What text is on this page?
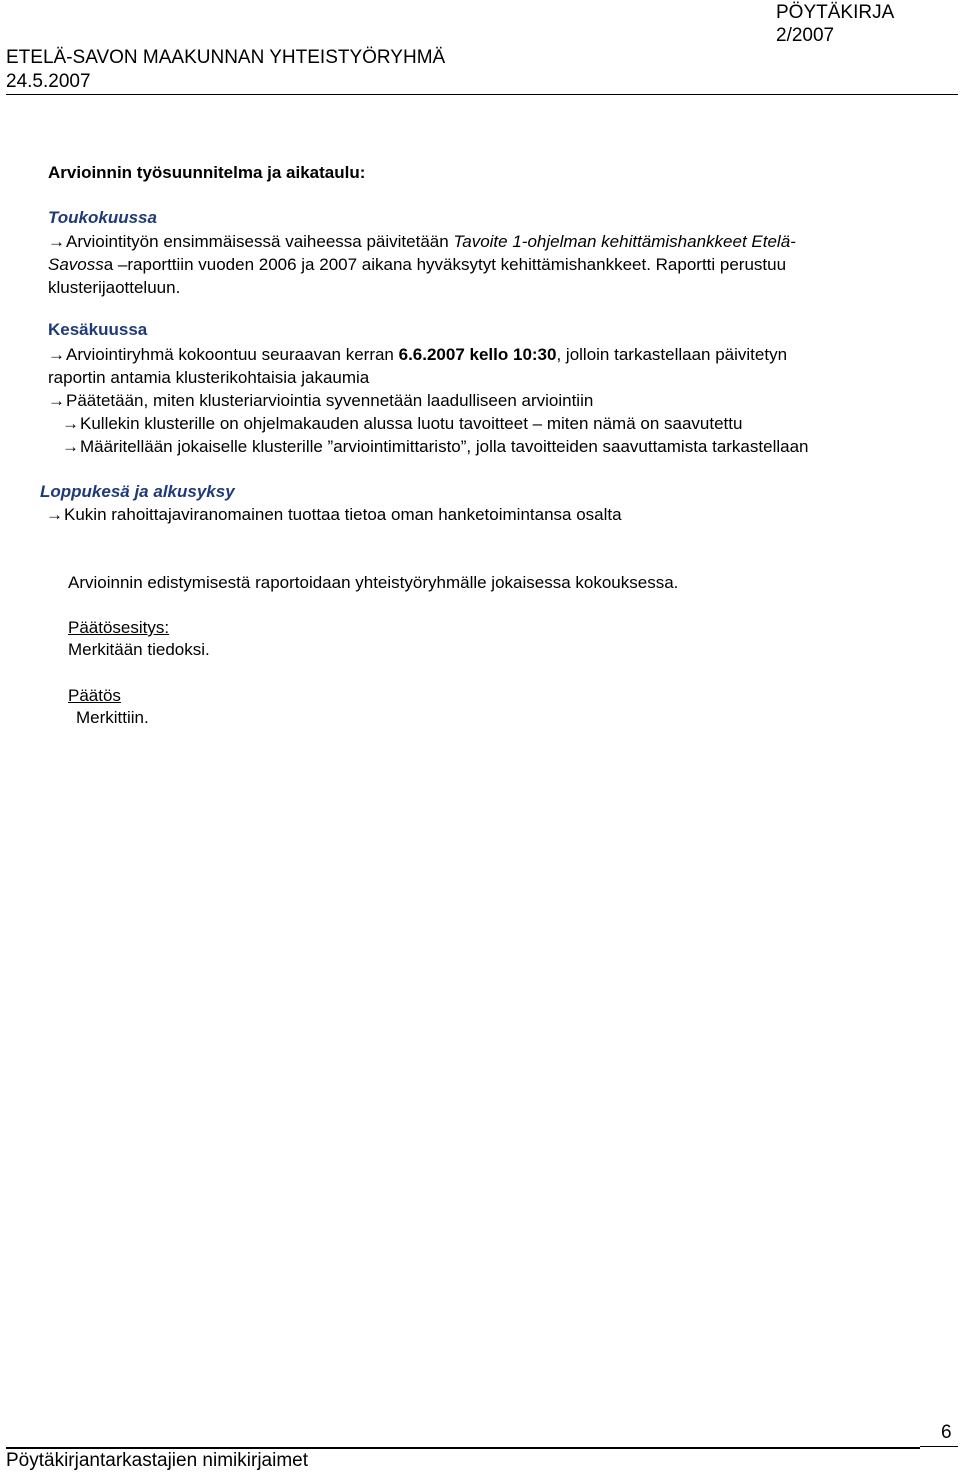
PÖYTÄKIRJA
2/2007
ETELÄ-SAVON MAAKUNNAN YHTEISTYÖRYHMÄ
24.5.2007
Arvioinnin työsuunnitelma ja aikataulu:
Toukokuussa
→Arviointityön ensimmäisessä vaiheessa päivitetään Tavoite 1-ohjelman kehittämishankkeet Etelä-
Savossa –raporttiin vuoden 2006 ja 2007 aikana hyväksytyt kehittämishankkeet. Raportti perustuu
klusterijaotteluun.
Kesäkuussa
→Arviointiryhmä kokoontuu seuraavan kerran 6.6.2007 kello 10:30, jolloin tarkastellaan päivitetyn
raportin antamia klusterikohtaisia jakaumia
→Päätetään, miten klusteriarviointia syvennetään laadulliseen arviointiin
→Kullekin klusterille on ohjelmakauden alussa luotu tavoitteet – miten nämä on saavutettu
→Määritellään jokaiselle klusterille ”arviointimittaristo”, jolla tavoitteiden saavuttamista tarkastellaan
Loppukesä ja alkusyksy
→Kukin rahoittajaviranomainen tuottaa tietoa oman hanketoimintansa osalta
Arvioinnin edistymisestä raportoidaan yhteistyöryhmälle jokaisessa kokouksessa.
Päätösesitys:
Merkitään tiedoksi.
Päätös
Merkittiin.
6
Pöytäkirjantarkastajien nimikirjaimet
